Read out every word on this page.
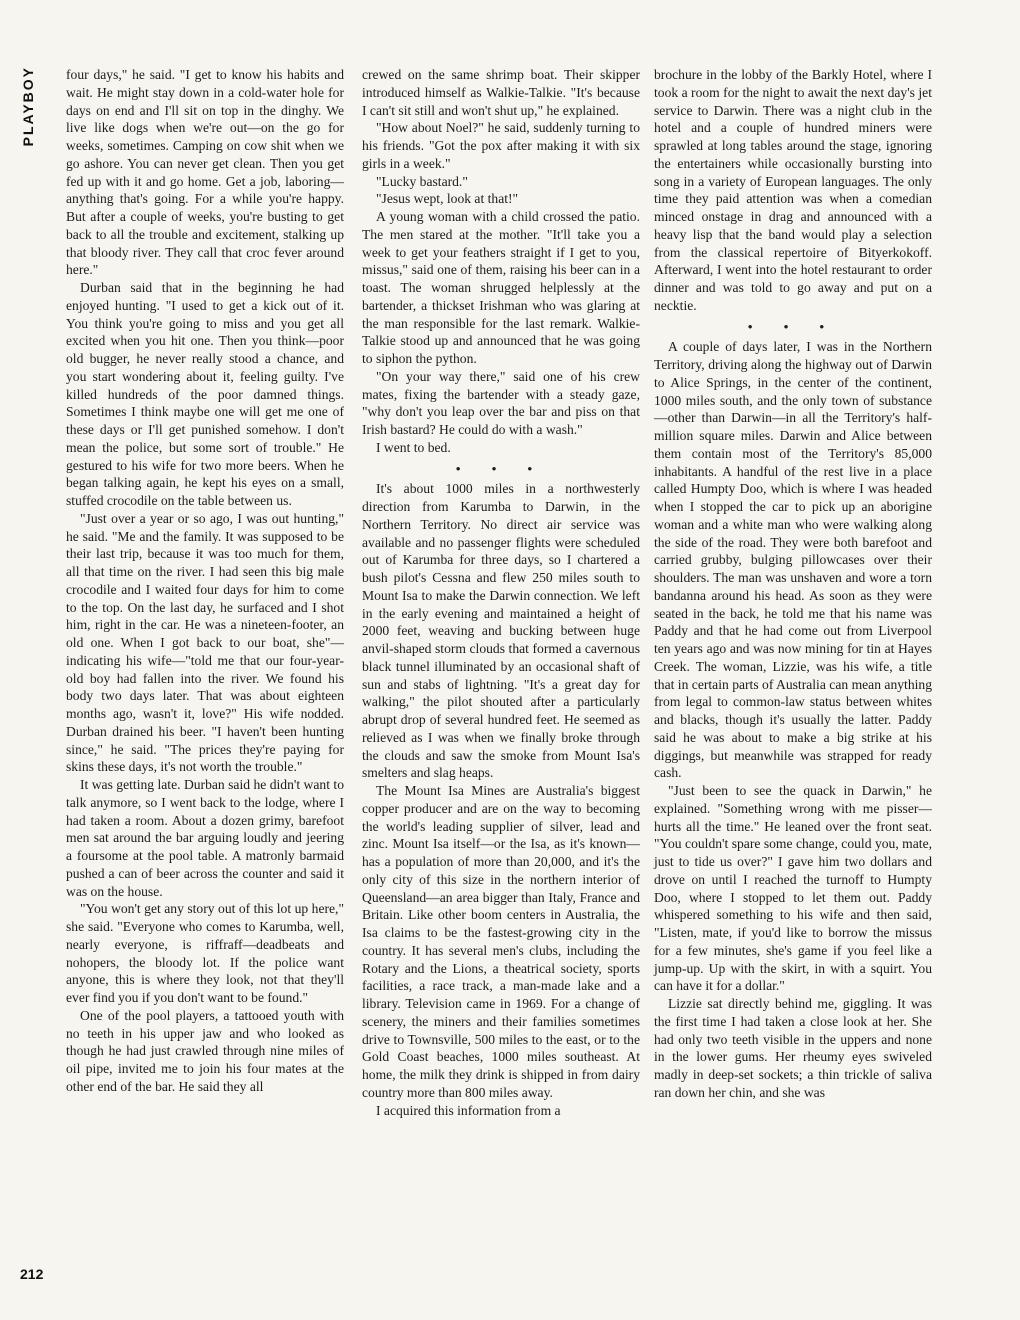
PLAYBOY
212

four days," he said. "I get to know his habits and wait. He might stay down in a cold-water hole for days on end and I'll sit on top in the dinghy. We live like dogs when we're out—on the go for weeks, sometimes. Camping on cow shit when we go ashore. You can never get clean. Then you get fed up with it and go home. Get a job, laboring—anything that's going. For a while you're happy. But after a couple of weeks, you're busting to get back to all the trouble and excitement, stalking up that bloody river. They call that croc fever around here."

Durban said that in the beginning he had enjoyed hunting. "I used to get a kick out of it. You think you're going to miss and you get all excited when you hit one. Then you think—poor old bugger, he never really stood a chance, and you start wondering about it, feeling guilty. I've killed hundreds of the poor damned things. Sometimes I think maybe one will get me one of these days or I'll get punished somehow. I don't mean the police, but some sort of trouble." He gestured to his wife for two more beers. When he began talking again, he kept his eyes on a small, stuffed crocodile on the table between us.

"Just over a year or so ago, I was out hunting," he said. "Me and the family. It was supposed to be their last trip, because it was too much for them, all that time on the river. I had seen this big male crocodile and I waited four days for him to come to the top. On the last day, he surfaced and I shot him, right in the car. He was a nineteen-footer, an old one. When I got back to our boat, she"—indicating his wife—"told me that our four-year-old boy had fallen into the river. We found his body two days later. That was about eighteen months ago, wasn't it, love?" His wife nodded. Durban drained his beer. "I haven't been hunting since," he said. "The prices they're paying for skins these days, it's not worth the trouble."

It was getting late. Durban said he didn't want to talk anymore, so I went back to the lodge, where I had taken a room. About a dozen grimy, barefoot men sat around the bar arguing loudly and jeering a foursome at the pool table. A matronly barmaid pushed a can of beer across the counter and said it was on the house.

"You won't get any story out of this lot up here," she said. "Everyone who comes to Karumba, well, nearly everyone, is riffraff—deadbeats and nohopers, the bloody lot. If the police want anyone, this is where they look, not that they'll ever find you if you don't want to be found."

One of the pool players, a tattooed youth with no teeth in his upper jaw and who looked as though he had just crawled through nine miles of oil pipe, invited me to join his four mates at the other end of the bar. He said they all

crewed on the same shrimp boat. Their skipper introduced himself as Walkie-Talkie. "It's because I can't sit still and won't shut up," he explained.

"How about Noel?" he said, suddenly turning to his friends. "Got the pox after making it with six girls in a week."

"Lucky bastard."

"Jesus wept, look at that!"

A young woman with a child crossed the patio. The men stared at the mother. "It'll take you a week to get your feathers straight if I get to you, missus," said one of them, raising his beer can in a toast. The woman shrugged helplessly at the bartender, a thickset Irishman who was glaring at the man responsible for the last remark. Walkie-Talkie stood up and announced that he was going to siphon the python.

"On your way there," said one of his crew mates, fixing the bartender with a steady gaze, "why don't you leap over the bar and piss on that Irish bastard? He could do with a wash."

I went to bed.

• • •

It's about 1000 miles in a northwesterly direction from Karumba to Darwin, in the Northern Territory. No direct air service was available and no passenger flights were scheduled out of Karumba for three days, so I chartered a bush pilot's Cessna and flew 250 miles south to Mount Isa to make the Darwin connection. We left in the early evening and maintained a height of 2000 feet, weaving and bucking between huge anvil-shaped storm clouds that formed a cavernous black tunnel illuminated by an occasional shaft of sun and stabs of lightning. "It's a great day for walking," the pilot shouted after a particularly abrupt drop of several hundred feet. He seemed as relieved as I was when we finally broke through the clouds and saw the smoke from Mount Isa's smelters and slag heaps.

The Mount Isa Mines are Australia's biggest copper producer and are on the way to becoming the world's leading supplier of silver, lead and zinc. Mount Isa itself—or the Isa, as it's known—has a population of more than 20,000, and it's the only city of this size in the northern interior of Queensland—an area bigger than Italy, France and Britain. Like other boom centers in Australia, the Isa claims to be the fastest-growing city in the country. It has several men's clubs, including the Rotary and the Lions, a theatrical society, sports facilities, a race track, a man-made lake and a library. Television came in 1969. For a change of scenery, the miners and their families sometimes drive to Townsville, 500 miles to the east, or to the Gold Coast beaches, 1000 miles southeast. At home, the milk they drink is shipped in from dairy country more than 800 miles away.

I acquired this information from a

brochure in the lobby of the Barkly Hotel, where I took a room for the night to await the next day's jet service to Darwin. There was a night club in the hotel and a couple of hundred miners were sprawled at long tables around the stage, ignoring the entertainers while occasionally bursting into song in a variety of European languages. The only time they paid attention was when a comedian minced onstage in drag and announced with a heavy lisp that the band would play a selection from the classical repertoire of Bityerkokoff. Afterward, I went into the hotel restaurant to order dinner and was told to go away and put on a necktie.

• • •

A couple of days later, I was in the Northern Territory, driving along the highway out of Darwin to Alice Springs, in the center of the continent, 1000 miles south, and the only town of substance—other than Darwin—in all the Territory's half-million square miles. Darwin and Alice between them contain most of the Territory's 85,000 inhabitants. A handful of the rest live in a place called Humpty Doo, which is where I was headed when I stopped the car to pick up an aborigine woman and a white man who were walking along the side of the road. They were both barefoot and carried grubby, bulging pillowcases over their shoulders. The man was unshaven and wore a torn bandanna around his head. As soon as they were seated in the back, he told me that his name was Paddy and that he had come out from Liverpool ten years ago and was now mining for tin at Hayes Creek. The woman, Lizzie, was his wife, a title that in certain parts of Australia can mean anything from legal to common-law status between whites and blacks, though it's usually the latter. Paddy said he was about to make a big strike at his diggings, but meanwhile was strapped for ready cash.

"Just been to see the quack in Darwin," he explained. "Something wrong with me pisser—hurts all the time." He leaned over the front seat. "You couldn't spare some change, could you, mate, just to tide us over?" I gave him two dollars and drove on until I reached the turnoff to Humpty Doo, where I stopped to let them out. Paddy whispered something to his wife and then said, "Listen, mate, if you'd like to borrow the missus for a few minutes, she's game if you feel like a jump-up. Up with the skirt, in with a squirt. You can have it for a dollar."

Lizzie sat directly behind me, giggling. It was the first time I had taken a close look at her. She had only two teeth visible in the uppers and none in the lower gums. Her rheumy eyes swiveled madly in deep-set sockets; a thin trickle of saliva ran down her chin, and she was
